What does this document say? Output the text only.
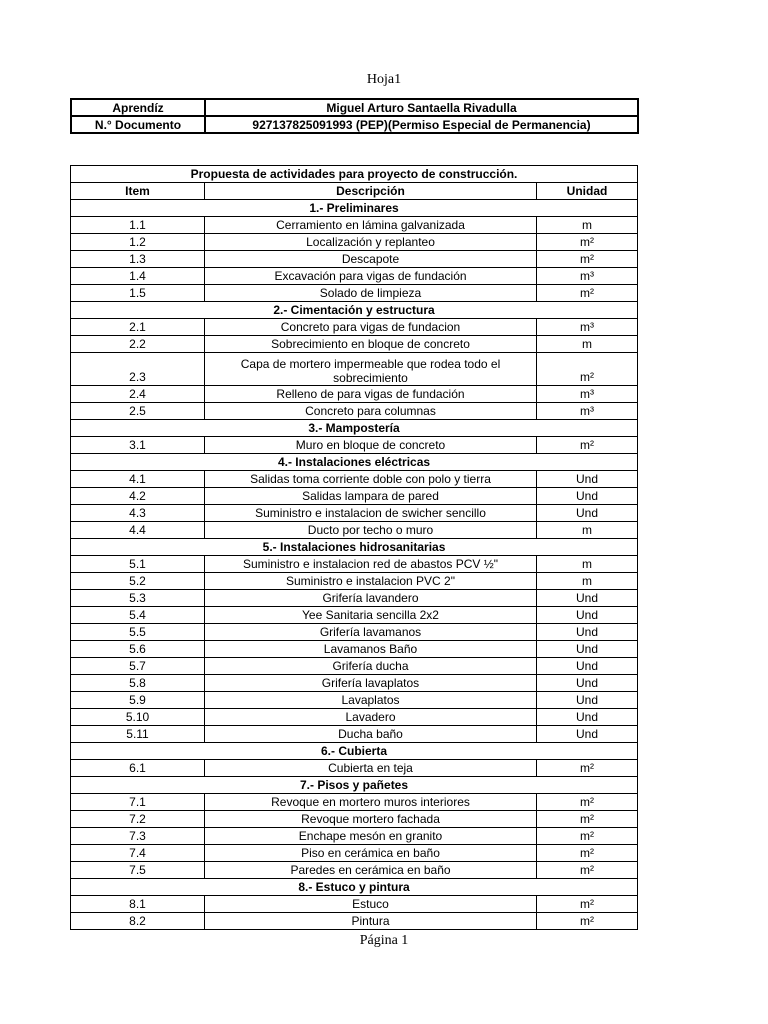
Hoja1
Aprendíz	Miguel Arturo Santaella Rivadulla
N.° Documento	927137825091993 (PEP)(Permiso Especial de Permanencia)
Propuesta de actividades para proyecto de construcción.		
Item	Descripción	Unidad
1.- Preliminares		
1.1	Cerramiento en lámina galvanizada	m
1.2	Localización y replanteo	m²
1.3	Descapote	m²
1.4	Excavación para vigas de fundación	m³
1.5	Solado de limpieza	m²
2.- Cimentación y estructura		
2.1	Concreto para vigas de fundacion	m³
2.2	Sobrecimiento en bloque de concreto	m
2.3	Capa de mortero impermeable que rodea todo el sobrecimiento	m²
2.4	Relleno de para vigas de fundación	m³
2.5	Concreto para columnas	m³
3.- Mampostería		
3.1	Muro en bloque de concreto	m²
4.- Instalaciones eléctricas		
4.1	Salidas toma corriente doble con polo y tierra	Und
4.2	Salidas lampara de pared	Und
4.3	Suministro e instalacion de swicher sencillo	Und
4.4	Ducto por techo o muro	m
5.- Instalaciones hidrosanitarias		
5.1	Suministro e instalacion red de abastos PCV ½"	m
5.2	Suministro e instalacion PVC 2"	m
5.3	Grifería lavandero	Und
5.4	Yee Sanitaria sencilla 2x2	Und
5.5	Grifería lavamanos	Und
5.6	Lavamanos Baño	Und
5.7	Grifería ducha	Und
5.8	Grifería lavaplatos	Und
5.9	Lavaplatos	Und
5.10	Lavadero	Und
5.11	Ducha baño	Und
6.- Cubierta		
6.1	Cubierta en teja	m²
7.- Pisos y pañetes		
7.1	Revoque en mortero muros interiores	m²
7.2	Revoque mortero fachada	m²
7.3	Enchape mesón en granito	m²
7.4	Piso en cerámica en baño	m²
7.5	Paredes en cerámica en baño	m²
8.- Estuco y pintura		
8.1	Estuco	m²
8.2	Pintura	m²
Página 1
